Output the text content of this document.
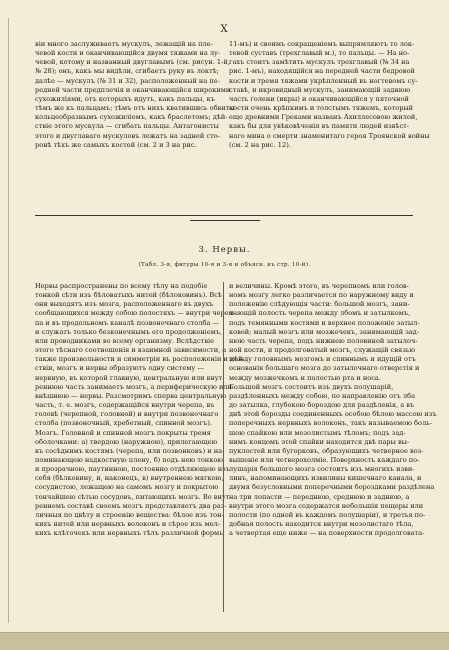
X
віи много заслуживаетъ мускулъ, лежащій на пле-
чевой кости и оканчивающійся двумя тяжами на лу-
чевой, котому и названный двуглавымъ (см. рисун. 1-й,
№ 28); онъ, какъ мы видѣли, сгибаетъ руку въ локтѣ;
далѣе — мускулъ (№ 31 и 32), расположенный на пе-
редней части предплечія и оканчивающійся широкими
сухожиліями, отъ которыхъ идутъ, какъ пальцы, къ
тѣмъ же къ пальцамъ; тѣмъ отъ нихъ кватившись обвиты
кольцеобразнымъ сухожиліемъ, какъ браслетомъ; дѣй-
ствіе этого мускула — сгибать пальцы. Антагонисты
этого и двуглаваго мускуловъ лежатъ на задней сто-
ронѣ тѣхъ же самыхъ костей (см. 2 и 3 на рис.
11-мъ) и своимъ сокращеніемъ выпрямляютъ то лок-
тевой суставъ (трехглавый м.), то пальцы. — На но-
гахъ стоитъ замѣтить мускулъ трехглавый (№ 34 на
рис. 1-мъ), находящійся на передней части бедровой
кости и тремя тяжами укрѣпленный въ ногтевомъ су-
ставѣ, и икровидный мускулъ, занимающій заднюю
часть голени (икры) и оканчивающійся у пяточной
кости очень крѣпкимъ и толстымъ тяжемъ, который
еще древними Греками названъ Ахиллесовою жилой,
какъ бы для увѣковѣченія въ памяти людей извѣст-
наго мина о смерти знаменитаго героя Троянской войны
(см. 2 на рис. 12).
3. Нервы.
(Табл. 3-я, фигуры 10-я и 3-я и объясн. къ стр. 10-й).
Нервы распространены по всему тѣлу на подобіе
тонкой сѣти изъ бѣловатыхъ нитей (бѣлоковинъ). Всѣ
они выходятъ изъ мозга, расположеннаго въ двухъ
сообщающихся между собою полостяхъ — внутри череп-
па и въ продольномъ каналѣ позвоночнаго столба —
и служатъ только безконечнымъ его продолженіемъ,
или проводниками во всему организму. Вслѣдствіе
этого тѣснаго соотношенія и взаимной зависимости, а
также произвольности и симметріи въ расположеніи и дѣй-
ствіи, мозгъ и нервы образуютъ одну систему —
нервную, въ которой главную, центральную или внут-
реннюю часть занимаетъ мозгъ, а периферическую или
внѣшнюю — нервы. Разсмотримъ сперва центральную
часть, т. е. мозгъ, содержащійся внутри черепа, въ
головѣ (черепной, головной) и внутри позвоночнаго
столба (позвоночный, хребетный, спинной мозгъ).
Мозгъ. Головной и спинной мозгъ покрыты тремя
оболочками: а) твердою (наружною), прилегающею
къ сосѣднимъ костямъ (черепа, или позвонковъ) и на-
поминающею надкостную плену, б) подъ нею тонкою
и прозрачною, паутинною, постоянно отдѣляющею изъ
себя (бѣлковину, и, наконецъ, в) внутреннею мягкою,
сосудистою, лежащею на самомъ мозгу и покрытою
тончайшею сѣтью сосудовъ, питающихъ мозгъ. Во внут-
реннемъ составѣ своемъ мозгъ представляетъ два раз-
личныя по цвѣту и строенію вещества: бѣлое изъ тон-
кихъ нитей или нервныхъ волоконъ и сѣрое изъ мел-
кихъ клѣточекъ или нервныхъ тѣлъ различной формы
и величины. Кромѣ этого, въ черепномъ или голов-
номъ мозгу легко различается по наружному виду и
положенію слѣдующія части: большой мозгъ, зани-
мающій полость черепа между лбомъ и затылкомъ,
подъ темянными костями и верхнее положеніе затыл-
ковой; малый мозгъ или мозжечекъ, занимающій зад-
нюю часть черепа, подъ нижнею половиной затылоч-
ной кости, и продолговатый мозгъ, служащій связью
между головнымъ мозгомъ и спиннымъ и идущій отъ
основанія большаго мозга до затылочнаго отверстія и
между мозжечкомъ и полостью рта и носа.
Большой мозгъ состоитъ изъ двухъ полушарій,
раздѣленныхъ между собою, по направленію отъ лба
до затылка, глубокою бороздою для раздѣленія, а въ
днѣ этой борозды соединенныхъ особою бѣлою массою изъ
поперечныхъ нервныхъ волоконъ, такъ называемою боль-
шою спайкою или мозолистымъ тѣломъ; подъ зад-
нимъ концомъ этой спайки находится двѣ пары вы-
пуклостей или бугорковъ, образующихъ четверное воз-
вышеніе или четверохолміе. Поверхность каждаго по-
лушарія большого мозга состоитъ изъ многихъ изви-
линъ, напоминающихъ извилины кишечнаго канала, и
двумя безусловными поперечными бороздками раздѣлена
на три лопасти — переднюю, среднюю и заднюю, а
внутри этого мозга содержатся небольшія пещеры или
полости (по одной въ каждомъ полушаріи), и третья по-
добная полость находится внутри мозолистаго тѣла,
а четвертая еще ниже — на поверхности продолговата-
